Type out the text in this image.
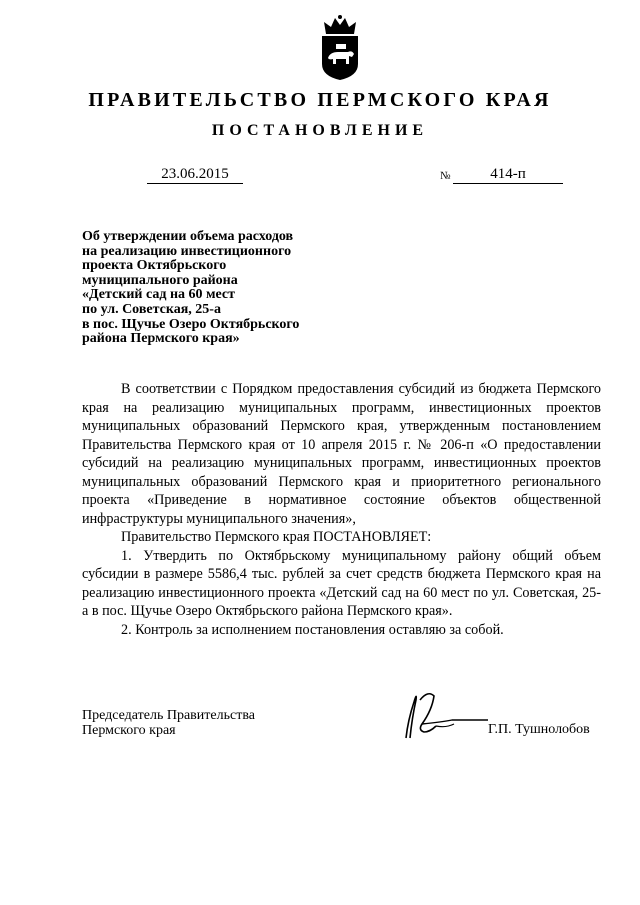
ПРАВИТЕЛЬСТВО ПЕРМСКОГО КРАЯ
ПОСТАНОВЛЕНИЕ
23.06.2015	№	414-п
Об утверждении объема расходов
на реализацию инвестиционного
проекта Октябрьского
муниципального района
«Детский сад на 60 мест
по ул. Советская, 25-а
в пос. Щучье Озеро Октябрьского
района Пермского края»

В соответствии с Порядком предоставления субсидий из бюджета Пермского края на реализацию муниципальных программ, инвестиционных проектов муниципальных образований Пермского края, утвержденным постановлением Правительства Пермского края от 10 апреля 2015 г. № 206-п «О предоставлении субсидий на реализацию муниципальных программ, инвестиционных проектов муниципальных образований Пермского края и приоритетного регионального проекта «Приведение в нормативное состояние объектов общественной инфраструктуры муниципального значения»,

Правительство Пермского края ПОСТАНОВЛЯЕТ:

1. Утвердить по Октябрьскому муниципальному району общий объем субсидии в размере 5586,4 тыс. рублей за счет средств бюджета Пермского края на реализацию инвестиционного проекта «Детский сад на 60 мест по ул. Советская, 25-а в пос. Щучье Озеро Октябрьского района Пермского края».

2. Контроль за исполнением постановления оставляю за собой.

Председатель Правительства
Пермского края	Г.П. Тушнолобов
